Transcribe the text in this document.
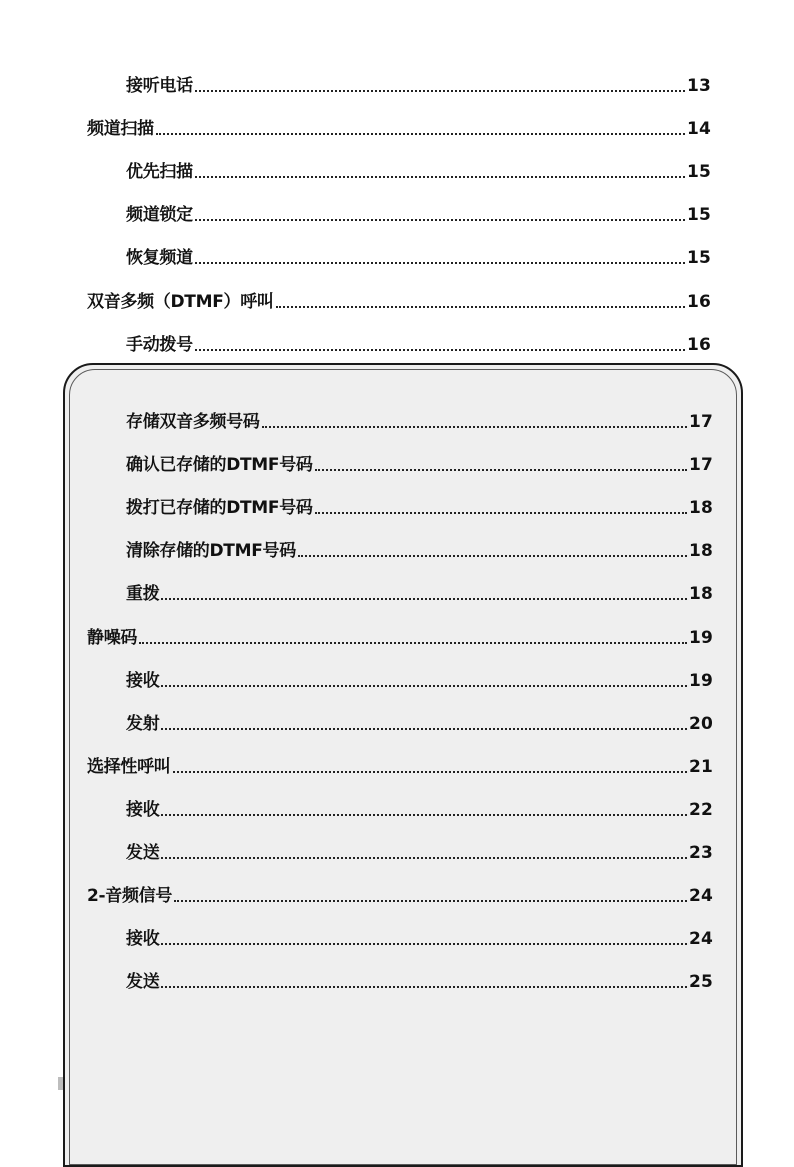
接听电话	13
频道扫描	14
优先扫描	15
频道锁定	15
恢复频道	15
双音多频（DTMF）呼叫	16
手动拨号	16
存储双音多频号码	17
确认已存储的DTMF号码	17
拨打已存储的DTMF号码	18
清除存储的DTMF号码	18
重拨	18
静噪码	19
接收	19
发射	20
选择性呼叫	21
接收	22
发送	23
2-音频信号	24
接收	24
发送	25
